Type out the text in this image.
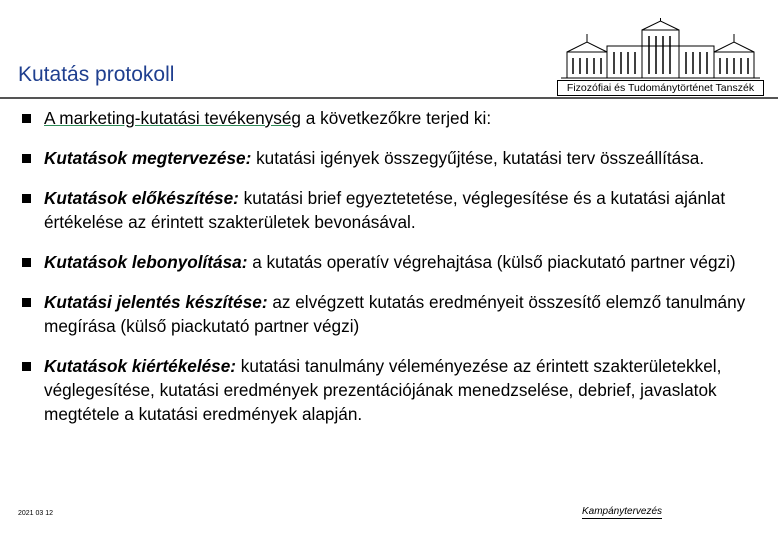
Fizozófiai és Tudománytörténet Tanszék
Kutatás protokoll
A marketing-kutatási tevékenység a következőkre terjed ki:
Kutatások megtervezése: kutatási igények összegyűjtése, kutatási terv összeállítása.
Kutatások előkészítése: kutatási brief egyeztetetése, véglegesítése és a kutatási ajánlat értékelése az érintett szakterületek bevonásával.
Kutatások lebonyolítása: a kutatás operatív végrehajtása (külső piackutató partner végzi)
Kutatási jelentés készítése: az elvégzett kutatás eredményeit összesítő elemző tanulmány megírása (külső piackutató partner végzi)
Kutatások kiértékelése: kutatási tanulmány véleményezése az érintett szakterületekkel, véglegesítése, kutatási eredmények prezentációjának menedzselése, debrief, javaslatok megtétele a kutatási eredmények alapján.
2021 03 12	Kampánytervezés
